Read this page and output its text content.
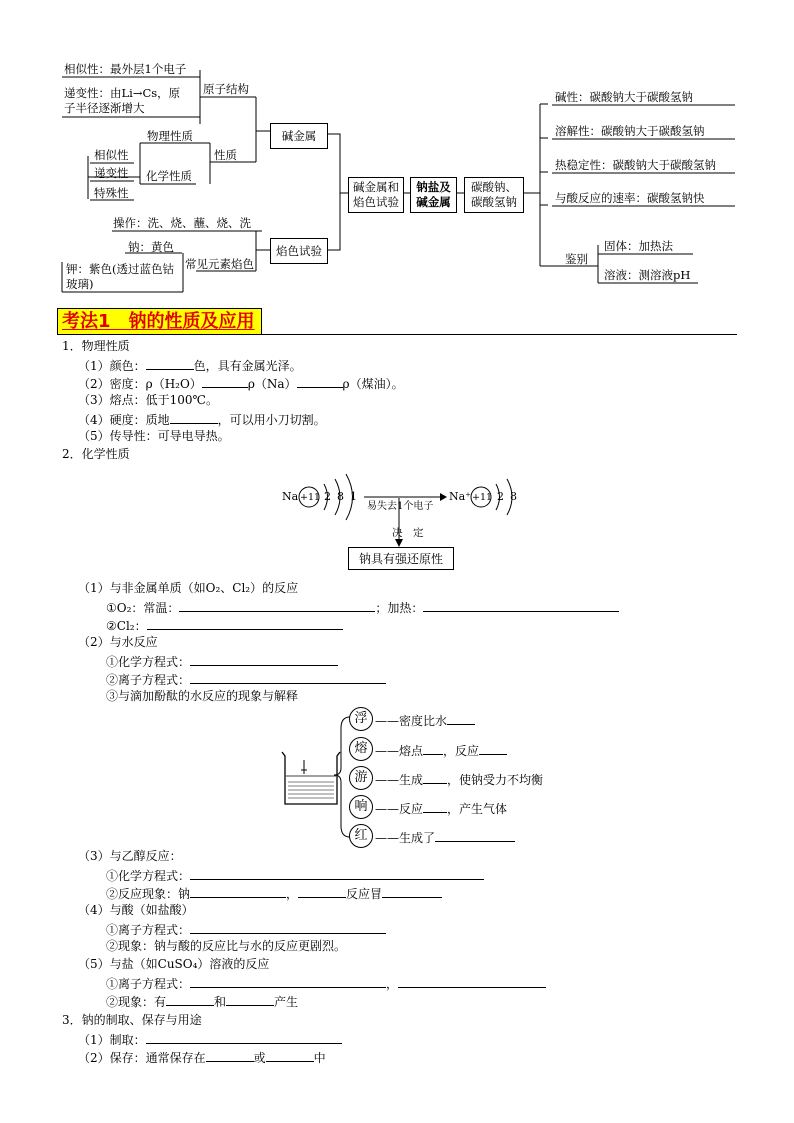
相似性：最外层1个电子
递变性：由Li→Cs，原
子半径逐渐增大
原子结构
物理性质
性质
相似性
递变性
特殊性
化学性质
碱金属
操作：洗、烧、蘸、烧、洗
钠：黄色
钾：紫色(透过蓝色钴
玻璃)
常见元素焰色
焰色试验
碱金属和
焰色试验
钠盐及
碱金属
碳酸钠、
碳酸氢钠
碱性：碳酸钠大于碳酸氢钠
溶解性：碳酸钠大于碳酸氢钠
热稳定性：碳酸钠大于碳酸氢钠
与酸反应的速率：碳酸氢钠快
鉴别
固体：加热法
溶液：测溶液pH
考法1　钠的性质及应用
1．物理性质
（1）颜色：	色，具有金属光泽。
（2）密度：ρ（H₂O）	ρ（Na）	ρ（煤油）。
（3）熔点：低于100℃。
（4）硬度：质地	，可以用小刀切割。
（5）传导性：可导电导热。
2．化学性质
Na +11 2 8 1
易失去1个电子
Na⁺ +11 2 8
决　定
钠具有强还原性
（1）与非金属单质（如O₂、Cl₂）的反应
①O₂：常温：	；加热：
②Cl₂：
（2）与水反应
①化学方程式：
②离子方程式：
③与滴加酚酞的水反应的现象与解释
浮 ——密度比水
熔 ——熔点 ，反应
游 ——生成 ，使钠受力不均衡
响 ——反应 ，产生气体
红 ——生成了
（3）与乙醇反应：
①化学方程式：
②反应现象：钠	，	反应冒
（4）与酸（如盐酸）
①离子方程式：
②现象：钠与酸的反应比与水的反应更剧烈。
（5）与盐（如CuSO₄）溶液的反应
①离子方程式：	，
②现象：有	和	产生
3．钠的制取、保存与用途
（1）制取：
（2）保存：通常保存在	或	中
